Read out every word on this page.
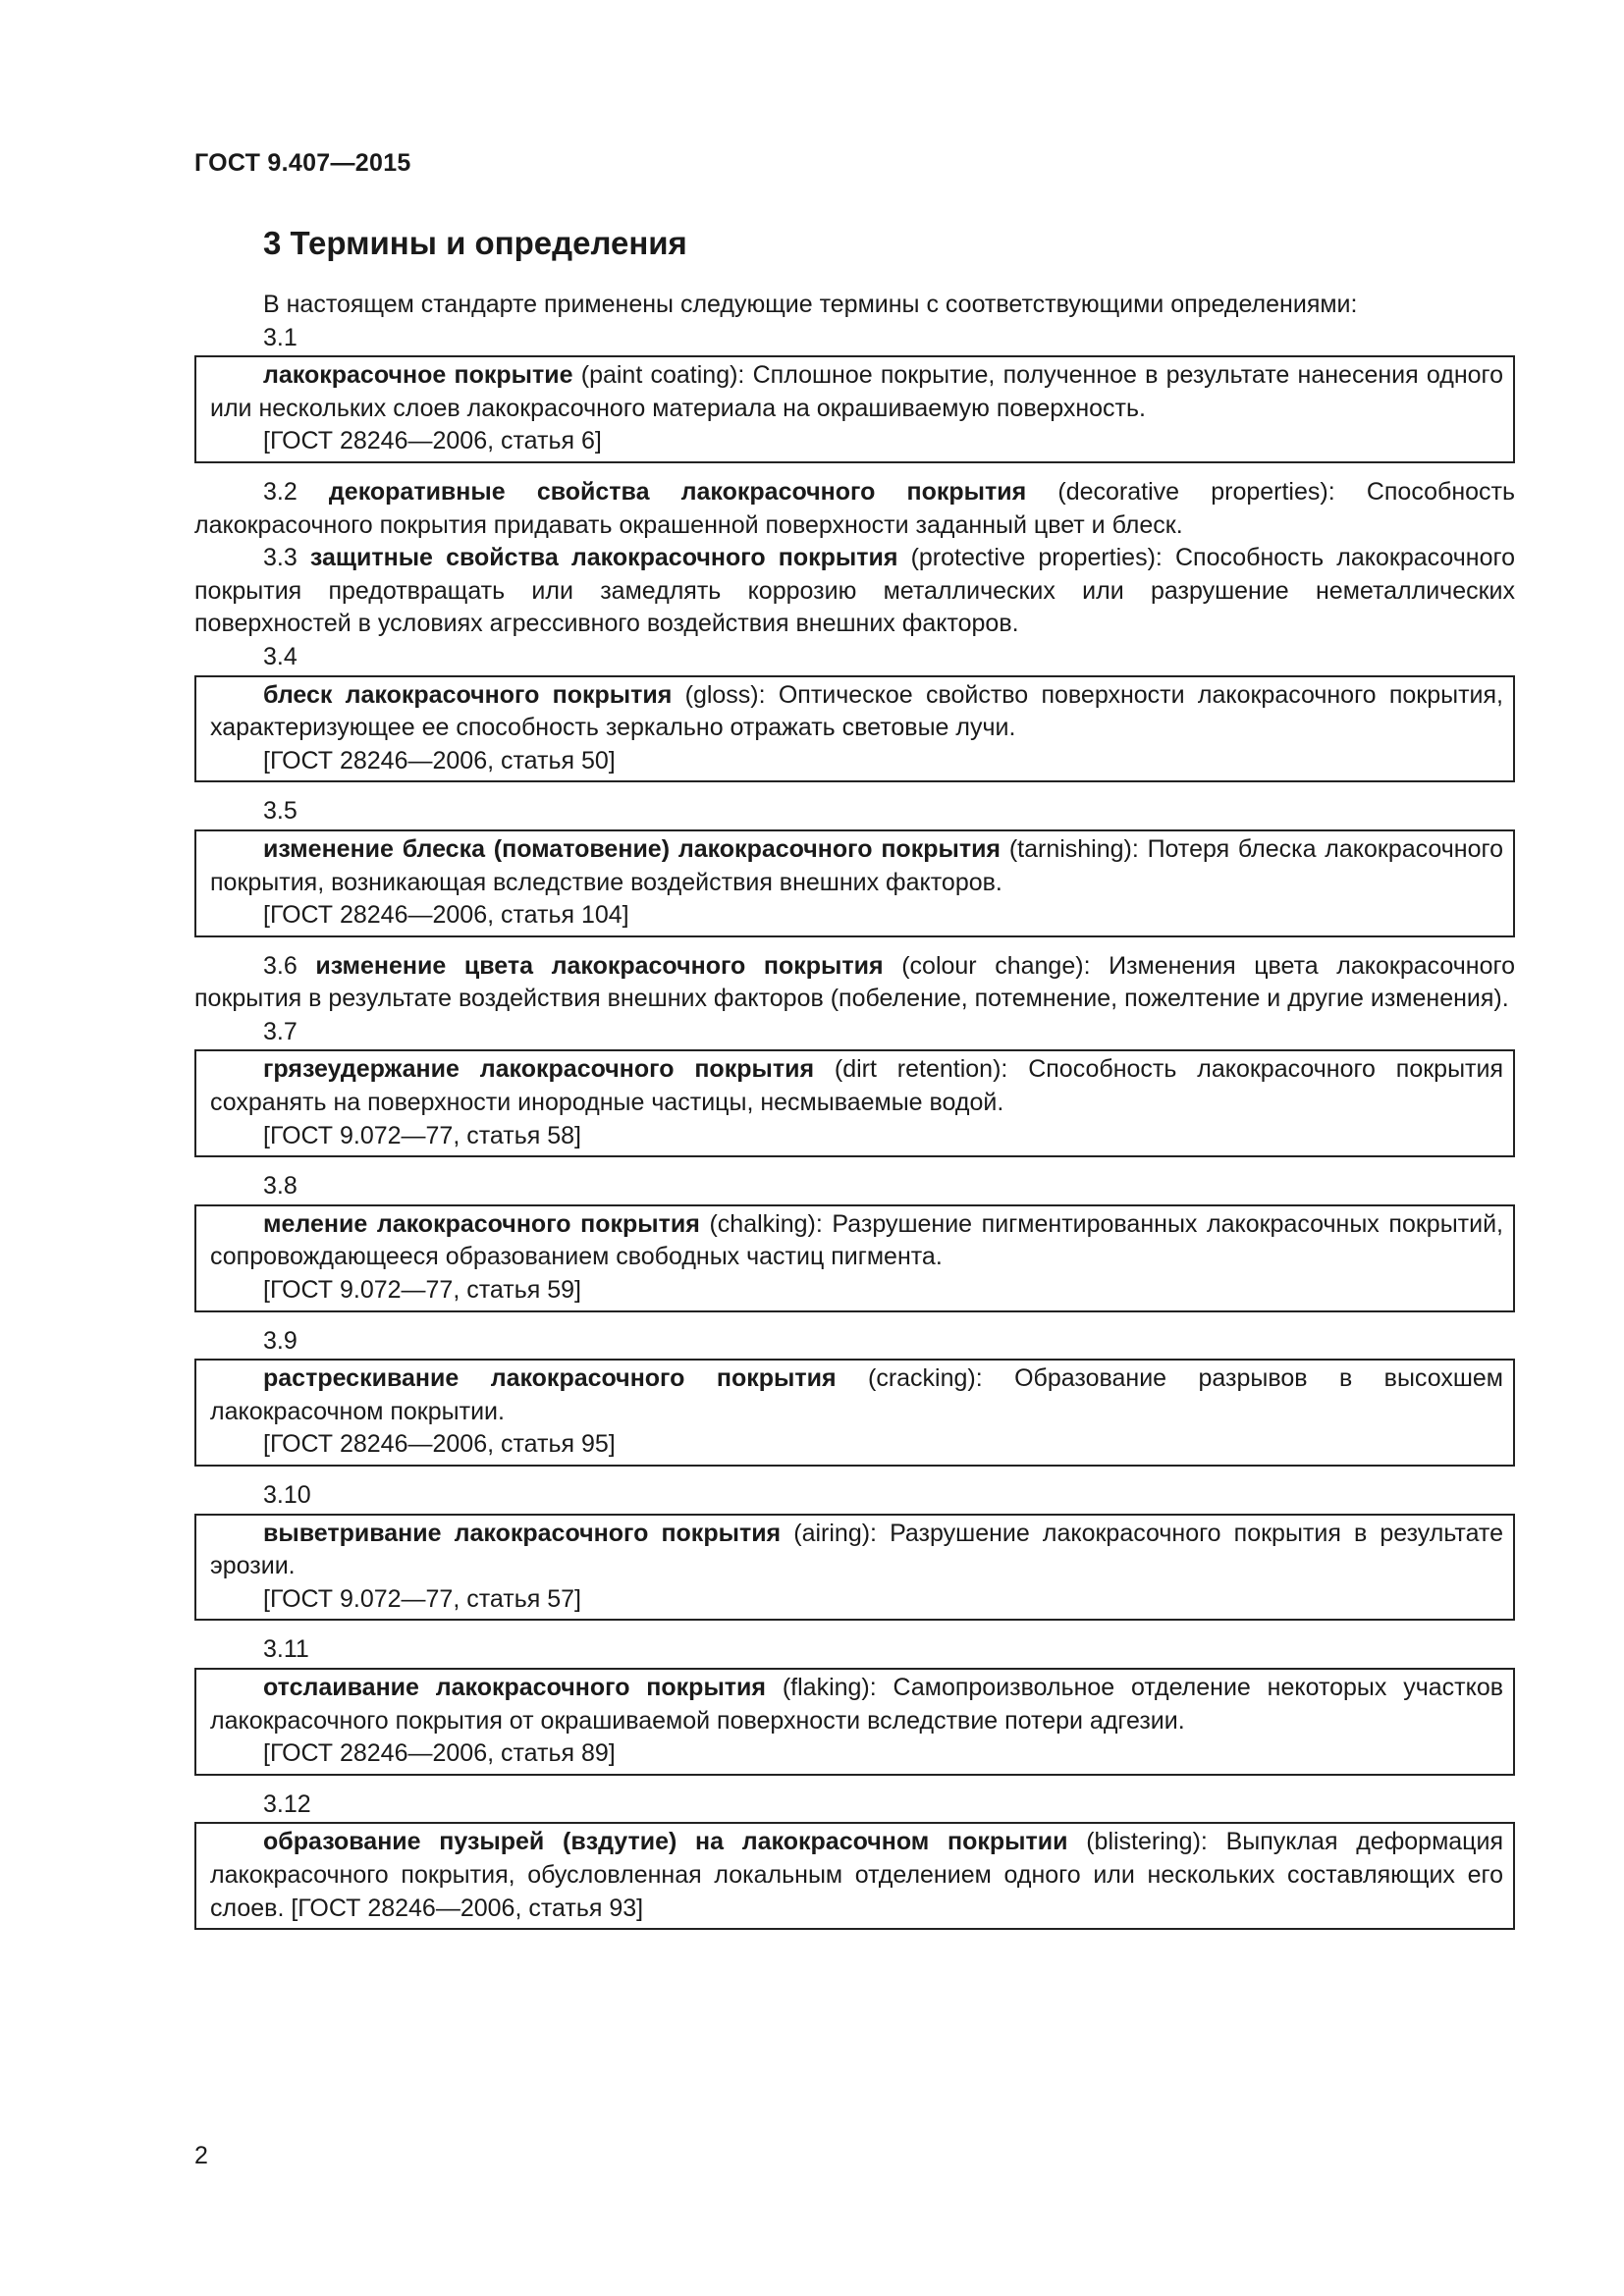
ГОСТ 9.407—2015
3 Термины и определения

В настоящем стандарте применены следующие термины с соответствующими определениями:

3.1

лакокрасочное покрытие (paint coating): Сплошное покрытие, полученное в результате нанесения одного или нескольких слоев лакокрасочного материала на окрашиваемую поверхность.

[ГОСТ 28246—2006, статья 6]

3.2 декоративные свойства лакокрасочного покрытия (decorative properties): Способность лакокрасочного покрытия придавать окрашенной поверхности заданный цвет и блеск.

3.3 защитные свойства лакокрасочного покрытия (protective properties): Способность лакокрасочного покрытия предотвращать или замедлять коррозию металлических или разрушение неметаллических поверхностей в условиях агрессивного воздействия внешних факторов.

3.4

блеск лакокрасочного покрытия (gloss): Оптическое свойство поверхности лакокрасочного покрытия, характеризующее ее способность зеркально отражать световые лучи.

[ГОСТ 28246—2006, статья 50]

3.5

изменение блеска (поматовение) лакокрасочного покрытия (tarnishing): Потеря блеска лакокрасочного покрытия, возникающая вследствие воздействия внешних факторов.

[ГОСТ 28246—2006, статья 104]

3.6 изменение цвета лакокрасочного покрытия (colour change): Изменения цвета лакокрасочного покрытия в результате воздействия внешних факторов (побеление, потемнение, пожелтение и другие изменения).

3.7

грязеудержание лакокрасочного покрытия (dirt retention): Способность лакокрасочного покрытия сохранять на поверхности инородные частицы, несмываемые водой.

[ГОСТ 9.072—77, статья 58]

3.8

меление лакокрасочного покрытия (chalking): Разрушение пигментированных лакокрасочных покрытий, сопровождающееся образованием свободных частиц пигмента.

[ГОСТ 9.072—77, статья 59]

3.9

растрескивание лакокрасочного покрытия (cracking): Образование разрывов в высохшем лакокрасочном покрытии.

[ГОСТ 28246—2006, статья 95]

3.10

выветривание лакокрасочного покрытия (airing): Разрушение лакокрасочного покрытия в результате эрозии.

[ГОСТ 9.072—77, статья 57]

3.11

отслаивание лакокрасочного покрытия (flaking): Самопроизвольное отделение некоторых участков лакокрасочного покрытия от окрашиваемой поверхности вследствие потери адгезии.

[ГОСТ 28246—2006, статья 89]

3.12

образование пузырей (вздутие) на лакокрасочном покрытии (blistering): Выпуклая деформация лакокрасочного покрытия, обусловленная локальным отделением одного или нескольких составляющих его слоев. [ГОСТ 28246—2006, статья 93]

2
